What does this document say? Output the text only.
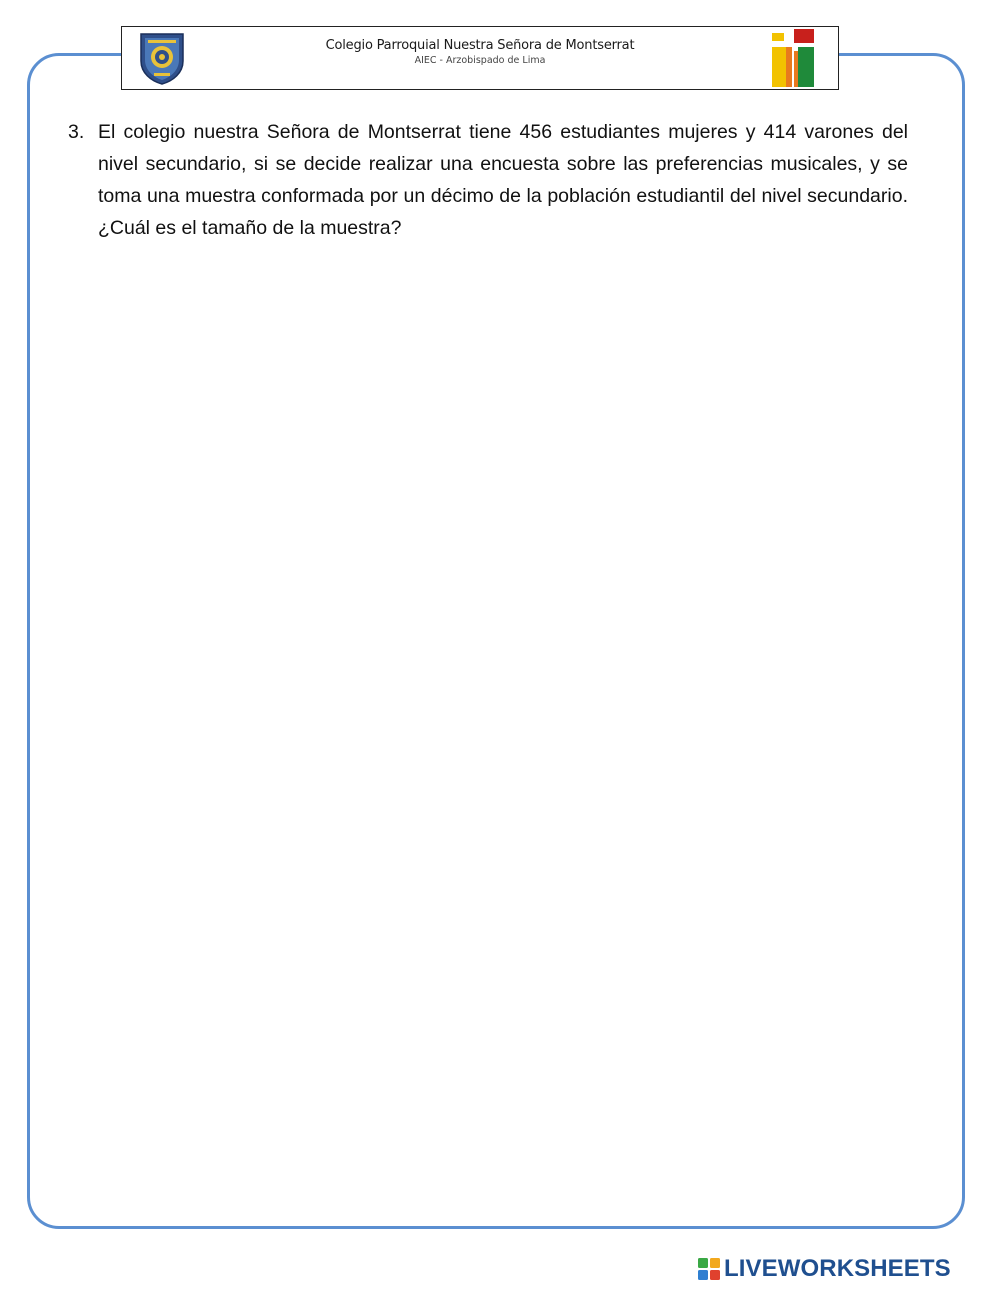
Colegio Parroquial Nuestra Señora de Montserrat
AIEC - Arzobispado de Lima
3. El colegio nuestra Señora de Montserrat tiene 456 estudiantes mujeres y 414 varones del nivel secundario, si se decide realizar una encuesta sobre las preferencias musicales, y se toma una muestra conformada por un décimo de la población estudiantil del nivel secundario. ¿Cuál es el tamaño de la muestra?
LIVEWORKSHEETS
